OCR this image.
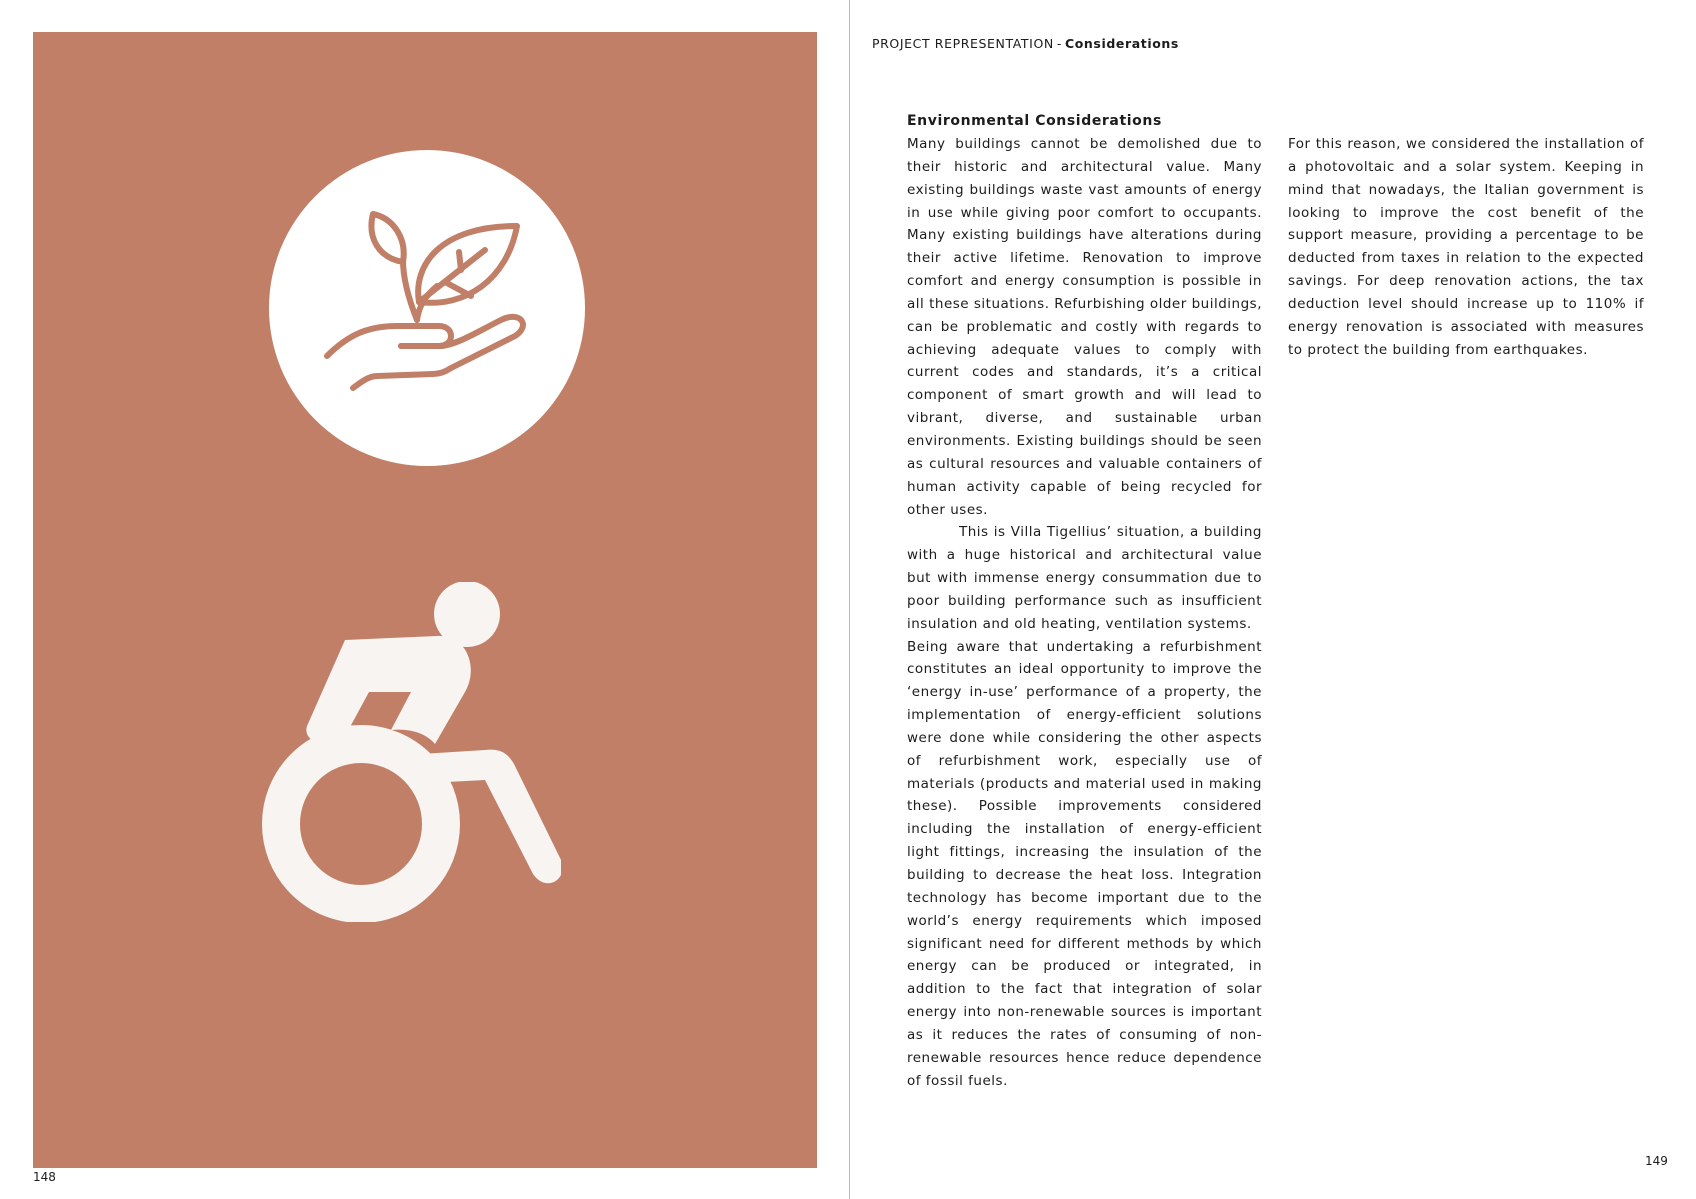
148
PROJECT REPRESENTATION - Considerations

Environmental Considerations

Many buildings cannot be demolished due to their historic and architectural value. Many existing buildings waste vast amounts of energy in use while giving poor comfort to occupants. Many existing buildings have alterations during their active lifetime. Renovation to improve comfort and energy consumption is possible in all these situations. Refurbishing older buildings, can be problematic and costly with regards to achieving adequate values to comply with current codes and standards, it’s a critical component of smart growth and will lead to vibrant, diverse, and sustainable urban environments. Existing buildings should be seen as cultural resources and valuable containers of human activity capable of being recycled for other uses.

This is Villa Tigellius’ situation, a building with a huge historical and architectural value but with immense energy consummation due to poor building performance such as insufficient insulation and old heating, ventilation systems.

Being aware that undertaking a refurbishment constitutes an ideal opportunity to improve the ‘energy in-use’ performance of a property, the implementation of energy-efficient solutions were done while considering the other aspects of refurbishment work, especially use of materials (products and material used in making these). Possible improvements considered including the installation of energy-efficient light fittings, increasing the insulation of the building to decrease the heat loss. Integration technology has become important due to the world’s energy requirements which imposed significant need for different methods by which energy can be produced or integrated, in addition to the fact that integration of solar energy into non-renewable sources is important as it reduces the rates of consuming of non-renewable resources hence reduce dependence of fossil fuels.

For this reason, we considered the installation of a photovoltaic and a solar system. Keeping in mind that nowadays, the Italian government is looking to improve the cost benefit of the support measure, providing a percentage to be deducted from taxes in relation to the expected savings. For deep renovation actions, the tax deduction level should increase up to 110% if energy renovation is associated with measures to protect the building from earthquakes.

149
